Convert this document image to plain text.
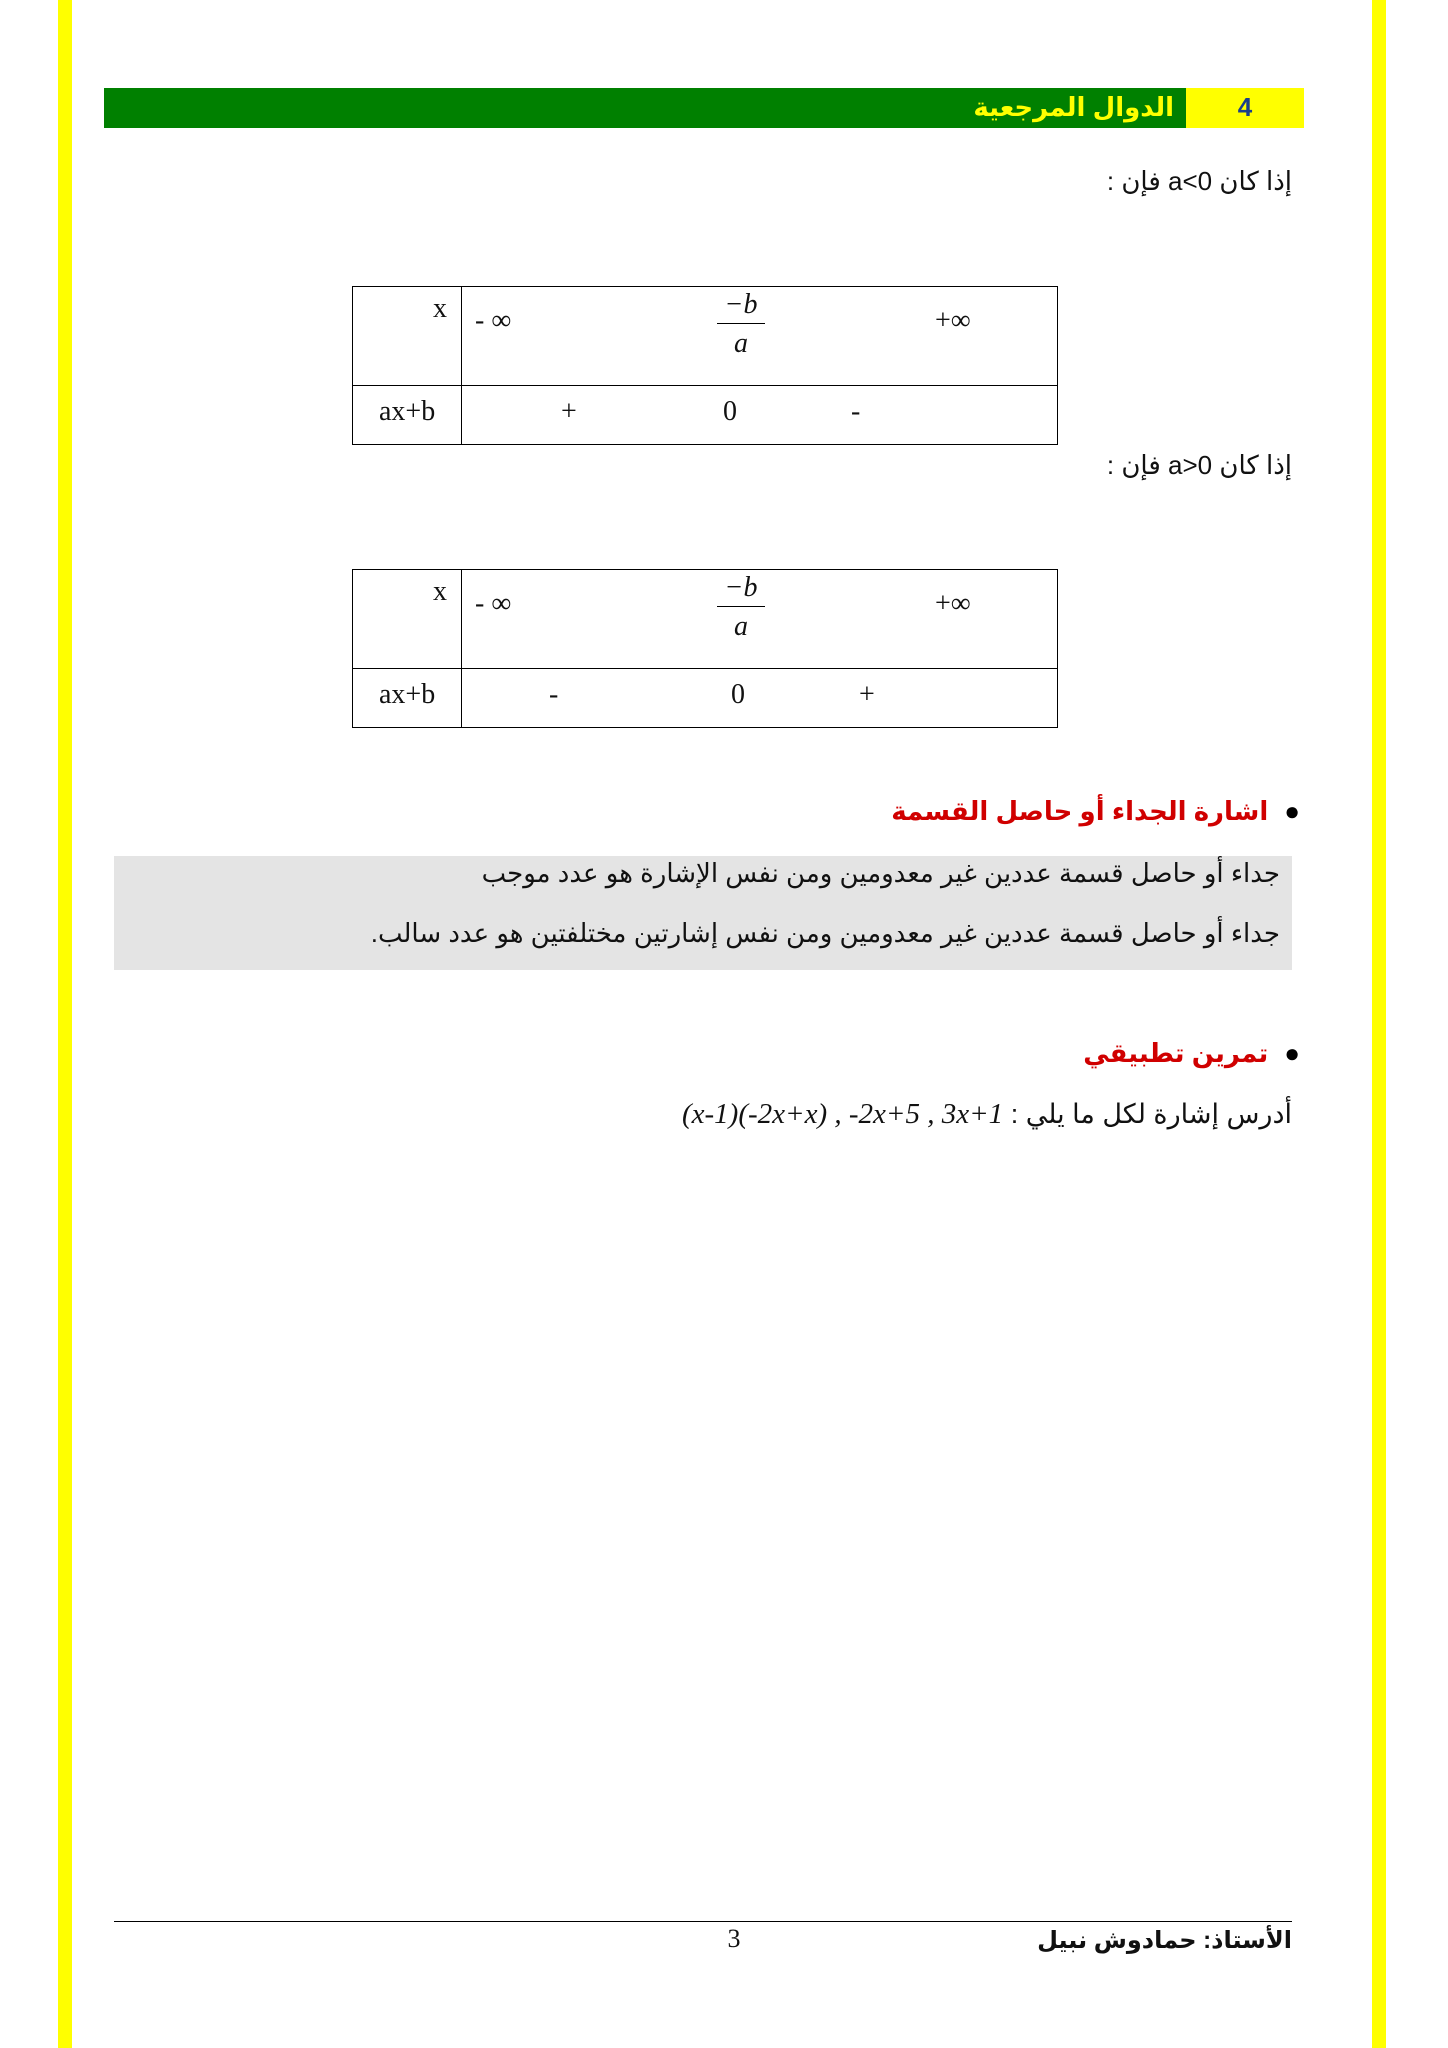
الدوال المرجعية	4
إذا كان a<0 فإن :
x - ∞	$\frac{-b}{a}$	+∞
ax+b	+	0	-
إذا كان a>0 فإن :
x - ∞	$\frac{-b}{a}$	+∞
ax+b	-	0	+
●اشارة الجداء أو حاصل القسمة
جداء أو حاصل قسمة عددين غير معدومين ومن نفس الإشارة هو عدد موجب
جداء أو حاصل قسمة عددين غير معدومين ومن نفس إشارتين مختلفتين هو عدد سالب.
●تمرين تطبيقي
أدرس إشارة لكل ما يلي : (x-1)(-2x+x) , -2x+5 , 3x+1
3	الأستاذ: حمادوش نبيل
